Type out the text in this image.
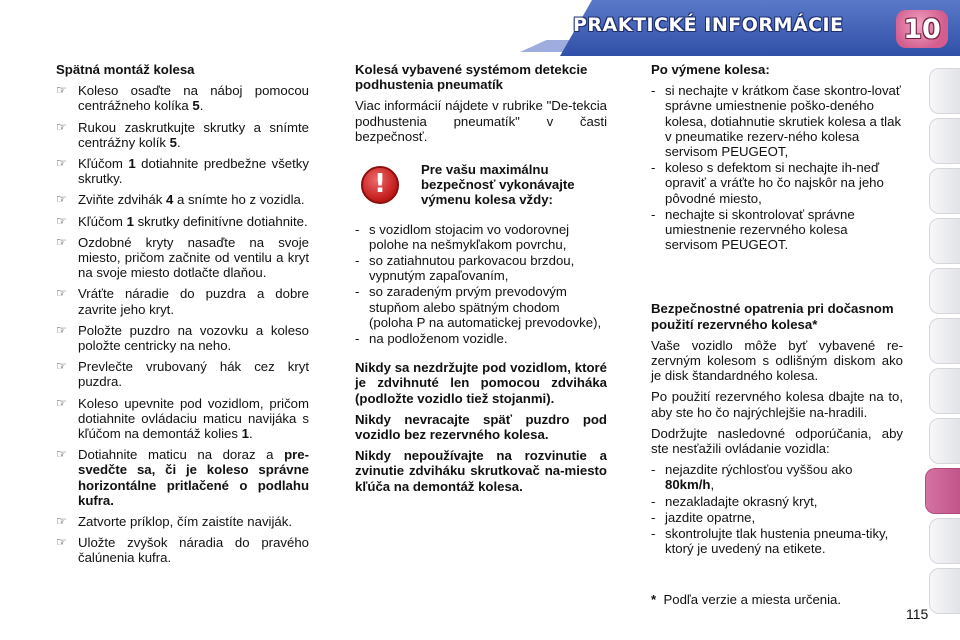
PRAKTICKÉ INFORMÁCIE 10
Spätná montáž kolesa
☞ Koleso osaďte na náboj pomocou centrážneho kolíka 5.
☞ Rukou zaskrutkujte skrutky a snímte centrážny kolík 5.
☞ Kľúčom 1 dotiahnite predbežne všetky skrutky.
☞ Zviňte zdvihák 4 a snímte ho z vozidla.
☞ Kľúčom 1 skrutky definitívne dotiahnite.
☞ Ozdobné kryty nasaďte na svoje miesto, pričom začnite od ventilu a kryt na svoje miesto dotlačte dlaňou.
☞ Vráťte náradie do puzdra a dobre zavrite jeho kryt.
☞ Položte puzdro na vozovku a koleso položte centricky na neho.
☞ Prevlečte vrubovaný hák cez kryt puzdra.
☞ Koleso upevnite pod vozidlom, pričom dotiahnite ovládaciu maticu navijáka s kľúčom na demontáž kolies 1.
☞ Dotiahnite maticu na doraz a pre-svedčte sa, či je koleso správne horizontálne pritlačené o podlahu kufra.
☞ Zatvorte príklop, čím zaistíte naviják.
☞ Uložte zvyšok náradia do pravého čalúnenia kufra.
Kolesá vybavené systémom detekcie podhustenia pneumatík
Viac informácií nájdete v rubrike "De-tekcia podhustenia pneumatík" v časti bezpečnosť.
!	Pre vašu maximálnu bezpečnosť vykonávajte výmenu kolesa vždy:
- s vozidlom stojacim vo vodorovnej polohe na nešmykľakom povrchu,
- so zatiahnutou parkovacou brzdou, vypnutým zapaľovaním,
- so zaradeným prvým prevodovým stupňom alebo spätným chodom (poloha P na automatickej prevodovke),
- na podloženom vozidle.
Nikdy sa nezdržujte pod vozidlom, ktoré je zdvihnuté len pomocou zdviháka (podložte vozidlo tiež stojanmi).
Nikdy nevracajte späť puzdro pod vozidlo bez rezervného kolesa.
Nikdy nepoužívajte na rozvinutie a zvinutie zdviháku skrutkovač na-miesto kľúča na demontáž kolesa.
Po výmene kolesa:
- si nechajte v krátkom čase skontro-lovať správne umiestnenie poško-deného kolesa, dotiahnutie skrutiek kolesa a tlak v pneumatike rezerv-ného kolesa servisom PEUGEOT,
- koleso s defektom si nechajte ih-neď opraviť a vráťte ho čo najskôr na jeho pôvodné miesto,
- nechajte si skontrolovať správne umiestnenie rezervného kolesa servisom PEUGEOT.
Bezpečnostné opatrenia pri dočasnom použití rezervného kolesa*
Vaše vozidlo môže byť vybavené re-zervným kolesom s odlišným diskom ako je disk štandardného kolesa.
Po použití rezervného kolesa dbajte na to, aby ste ho čo najrýchlejšie na-hradili.
Dodržujte nasledovné odporúčania, aby ste nesťažili ovládanie vozidla:
- nejazdite rýchlosťou vyššou ako 80km/h,
- nezakladajte okrasný kryt,
- jazdite opatrne,
- skontrolujte tlak hustenia pneuma-tiky, ktorý je uvedený na etikete.
* Podľa verzie a miesta určenia.
115
